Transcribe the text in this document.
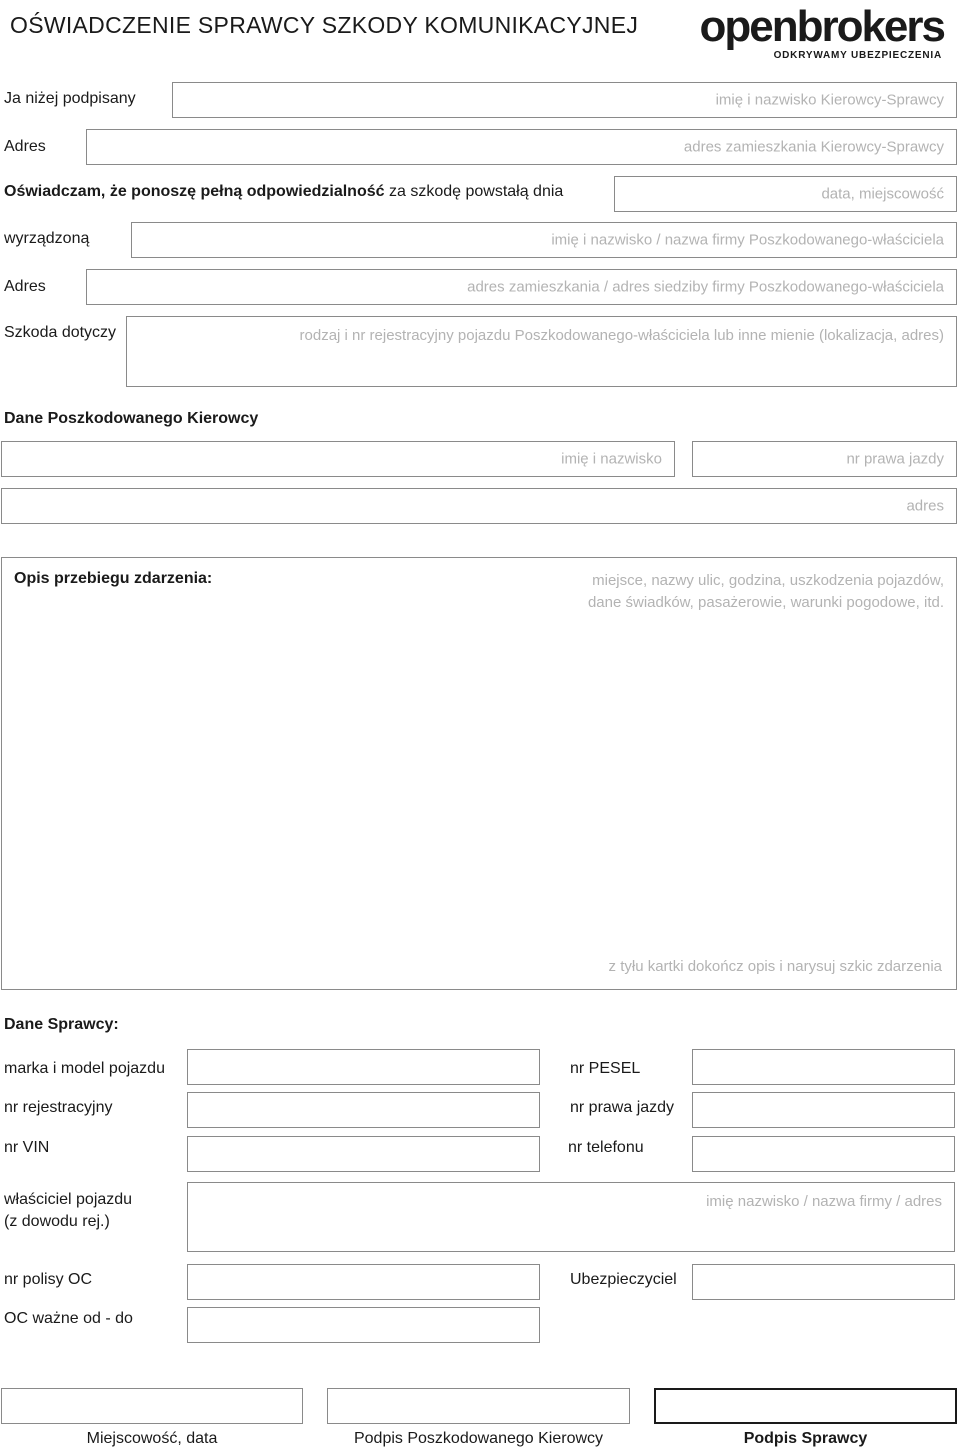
OŚWIADCZENIE SPRAWCY SZKODY KOMUNIKACYJNEJ openbrokers
ODKRYWAMY UBEZPIECZENIA
Ja niżej podpisany	imię i nazwisko Kierowcy-Sprawcy
Adres	adres zamieszkania Kierowcy-Sprawcy
Oświadczam, że ponoszę pełną odpowiedzialność za szkodę powstałą dnia	data, miejscowość
wyrządzoną	imię i nazwisko / nazwa firmy Poszkodowanego-właściciela
Adres	adres zamieszkania / adres siedziby firmy Poszkodowanego-właściciela
Szkoda dotyczy	rodzaj i nr rejestracyjny pojazdu Poszkodowanego-właściciela lub inne mienie (lokalizacja, adres)
Dane Poszkodowanego Kierowcy
imię i nazwisko	nr prawa jazdy
adres
Opis przebiegu zdarzenia:	miejsce, nazwy ulic, godzina, uszkodzenia pojazdów,
dane świadków, pasażerowie, warunki pogodowe, itd.
z tyłu kartki dokończ opis i narysuj szkic zdarzenia
Dane Sprawcy:
marka i model pojazdu	nr PESEL
nr rejestracyjny	nr prawa jazdy
nr VIN	nr telefonu
właściciel pojazdu
(z dowodu rej.)
imię nazwisko / nazwa firmy / adres
nr polisy OC	Ubezpieczyciel
OC ważne od - do
Miejscowość, data	Podpis Poszkodowanego Kierowcy	Podpis Sprawcy
